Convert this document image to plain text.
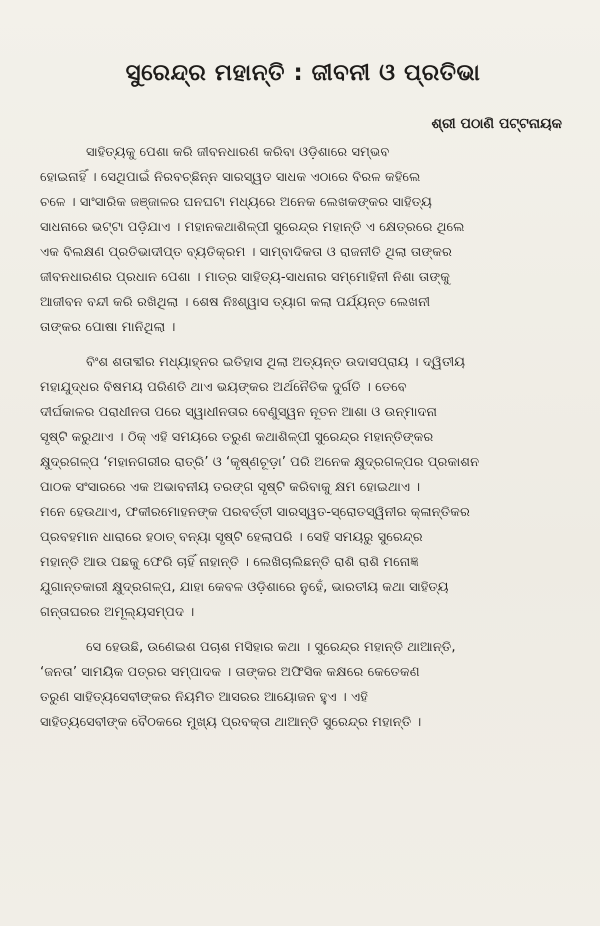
ସୁରେନ୍ଦ୍ର ମହାନ୍ତି : ଜୀବନୀ ଓ ପ୍ରତିଭା
ଶ୍ରୀ ପଠାଣି ପଟ୍ଟନାୟକ
ସାହିତ୍ୟକୁ ପେଶା କରି ଜୀବନଧାରଣ କରିବା ଓଡ଼ିଶାରେ ସମ୍ଭବ
ହୋଇନାହିଁ । ସେଥିପାଇଁ ନିରବଚ୍ଛିନ୍ନ ସାରସ୍ୱତ ସାଧକ ଏଠାରେ ବିରଳ କହିଲେ
ଚଳେ । ସାଂସାରିକ ଜଞ୍ଜାଳର ଘନଘଟା ମଧ୍ୟରେ ଅନେକ ଲେଖକଙ୍କର ସାହିତ୍ୟ
ସାଧନାରେ ଭଟ୍ଟା ପଡ଼ିଯାଏ । ମହାନକଥାଶିଳ୍ପୀ ସୁରେନ୍ଦ୍ର ମହାନ୍ତି ଏ କ୍ଷେତ୍ରରେ ଥିଲେ
ଏକ ବିଲକ୍ଷଣ ପ୍ରତିଭାଦୀପ୍ତ ବ୍ୟତିକ୍ରମ । ସାମ୍ବାଦିକତା ଓ ରାଜନୀତି ଥିଲା ତାଙ୍କର
ଜୀବନଧାରଣର ପ୍ରଧାନ ପେଶା । ମାତ୍ର ସାହିତ୍ୟ-ସାଧନାର ସମ୍ମୋହିନୀ ନିଶା ତାଙ୍କୁ
ଆଜୀବନ ବନ୍ଦୀ କରି ରଖିଥିଲା । ଶେଷ ନିଃଶ୍ୱାସ ତ୍ୟାଗ କଲା ପର୍ଯ୍ୟନ୍ତ ଲେଖନୀ
ତାଙ୍କର ପୋଷା ମାନିଥିଲା ।
ବିଂଶ ଶତାବ୍ଦୀର ମଧ୍ୟାହ୍ନର ଇତିହାସ ଥିଲା ଅତ୍ୟନ୍ତ ଉଦାସପ୍ରାୟ । ଦ୍ୱିତୀୟ
ମହାଯୁଦ୍ଧର ବିଷମୟ ପରିଣତି ଥାଏ ଭୟଙ୍କର ଅର୍ଥନୈତିକ ଦୁର୍ଗତି । ତେବେ
ଦୀର୍ଘକାଳର ପରାଧୀନତା ପରେ ସ୍ୱାଧୀନତାର ବେଣୁସ୍ୱନ ନୂତନ ଆଶା ଓ ଉନ୍ମାଦନା
ସୃଷ୍ଟି କରୁଥାଏ । ଠିକ୍ ଏହି ସମୟରେ ତରୁଣ କଥାଶିଳ୍ପୀ ସୁରେନ୍ଦ୍ର ମହାନ୍ତିଙ୍କର
କ୍ଷୁଦ୍ରଗଳ୍ପ ‘ମହାନଗରୀର ରାତ୍ରି’ ଓ ‘କୃଷ୍ଣଚୂଡ଼ା’ ପରି ଅନେକ କ୍ଷୁଦ୍ରଗଳ୍ପର ପ୍ରକାଶନ
ପାଠକ ସଂସାରରେ ଏକ ଅଭାବନୀୟ ତରଙ୍ଗ ସୃଷ୍ଟି କରିବାକୁ କ୍ଷମ ହୋଇଥାଏ ।
ମନେ ହେଉଥାଏ, ଫକୀରମୋହନଙ୍କ ପରବର୍ତ୍ତୀ ସାରସ୍ୱତ-ସ୍ରୋତସ୍ୱିନୀର କ୍ଳାନ୍ତିକର
ପ୍ରବହମାନ ଧାରାରେ ହଠାତ୍ ବନ୍ୟା ସୃଷ୍ଟି ହେଲାପରି । ସେହି ସମୟରୁ ସୁରେନ୍ଦ୍ର
ମହାନ୍ତି ଆଉ ପଛକୁ ଫେରି ଚାହିଁ ନାହାନ୍ତି । ଲେଖିଚାଲିଛନ୍ତି ରାଶି ରାଶି ମନୋଜ୍ଞ
ଯୁଗାନ୍ତକାରୀ କ୍ଷୁଦ୍ରଗଳ୍ପ, ଯାହା କେବଳ ଓଡ଼ିଶାରେ ନୁହେଁ, ଭାରତୀୟ କଥା ସାହିତ୍ୟ
ଗନ୍ତାଘରର ଅମୂଲ୍ୟସମ୍ପଦ ।
ସେ ହେଉଛି, ଉଣେଇଶ ପଚାଶ ମସିହାର କଥା । ସୁରେନ୍ଦ୍ର ମହାନ୍ତି ଥାଆନ୍ତି,
‘ଜନତା’ ସାମୟିକ ପତ୍ରର ସମ୍ପାଦକ । ତାଙ୍କର ଅଫିସିକ କକ୍ଷରେ କେତେକଣ
ତରୁଣ ସାହିତ୍ୟସେବୀଙ୍କର ନିୟମିତ ଆସରର ଆୟୋଜନ ହୁଏ । ଏହି
ସାହିତ୍ୟସେବୀଙ୍କ ବୈଠକରେ ମୁଖ୍ୟ ପ୍ରବକ୍ତା ଥାଆନ୍ତି ସୁରେନ୍ଦ୍ର ମହାନ୍ତି ।
